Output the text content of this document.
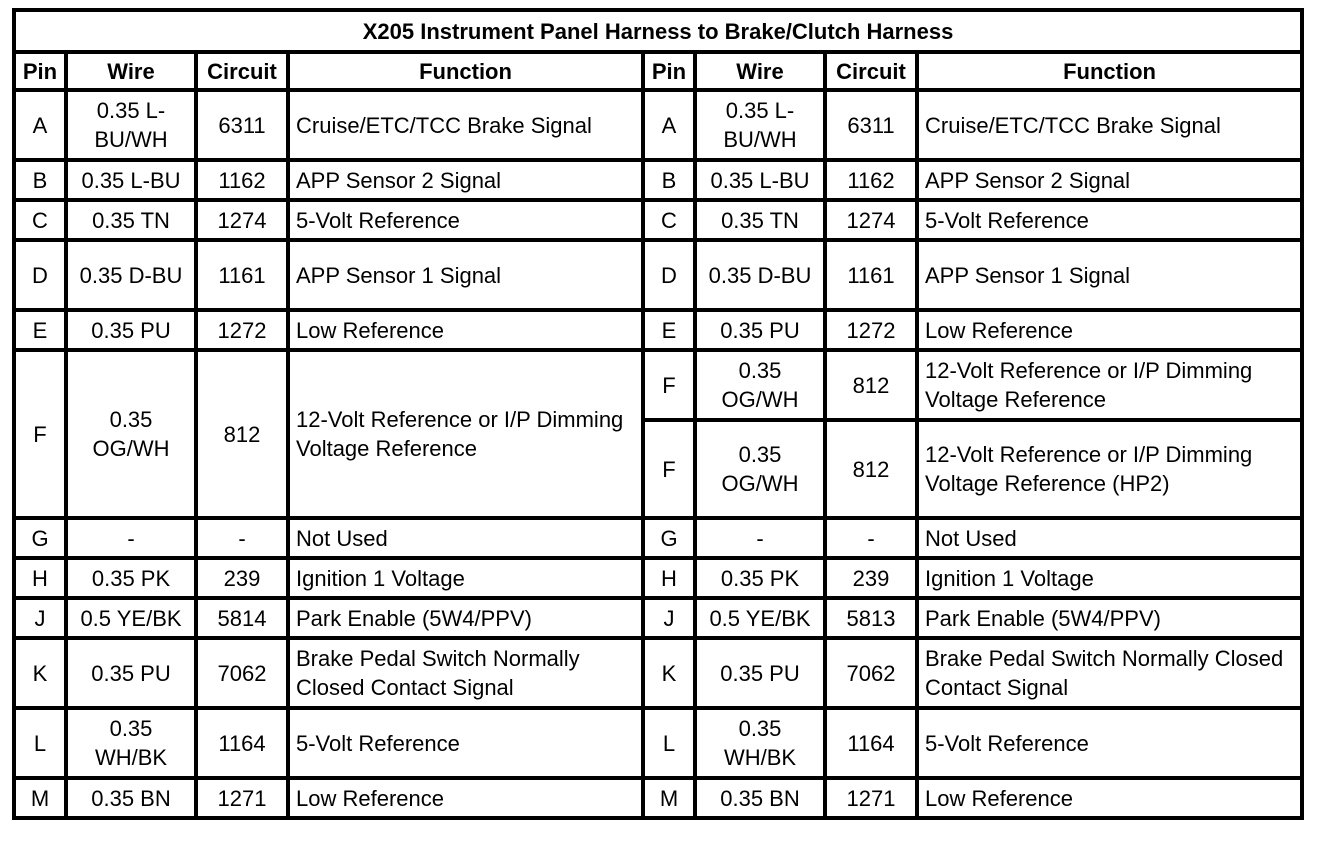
X205 Instrument Panel Harness to Brake/Clutch Harness							
Pin	Wire	Circuit	Function	Pin	Wire	Circuit	Function
A	0.35 L-BU/WH	6311	Cruise/ETC/TCC Brake Signal	A	0.35 L-BU/WH	6311	Cruise/ETC/TCC Brake Signal
B	0.35 L-BU	1162	APP Sensor 2 Signal	B	0.35 L-BU	1162	APP Sensor 2 Signal
C	0.35 TN	1274	5-Volt Reference	C	0.35 TN	1274	5-Volt Reference
D	0.35 D-BU	1161	APP Sensor 1 Signal	D	0.35 D-BU	1161	APP Sensor 1 Signal
E	0.35 PU	1272	Low Reference	E	0.35 PU	1272	Low Reference
F	0.35 OG/WH	812	12-Volt Reference or I/P Dimming Voltage Reference	F	0.35 OG/WH	812	12-Volt Reference or I/P Dimming Voltage Reference
				F	0.35 OG/WH	812	12-Volt Reference or I/P Dimming Voltage Reference (HP2)
G	-	-	Not Used	G	-	-	Not Used
H	0.35 PK	239	Ignition 1 Voltage	H	0.35 PK	239	Ignition 1 Voltage
J	0.5 YE/BK	5814	Park Enable (5W4/PPV)	J	0.5 YE/BK	5813	Park Enable (5W4/PPV)
K	0.35 PU	7062	Brake Pedal Switch Normally Closed Contact Signal	K	0.35 PU	7062	Brake Pedal Switch Normally Closed Contact Signal
L	0.35 WH/BK	1164	5-Volt Reference	L	0.35 WH/BK	1164	5-Volt Reference
M	0.35 BN	1271	Low Reference	M	0.35 BN	1271	Low Reference
